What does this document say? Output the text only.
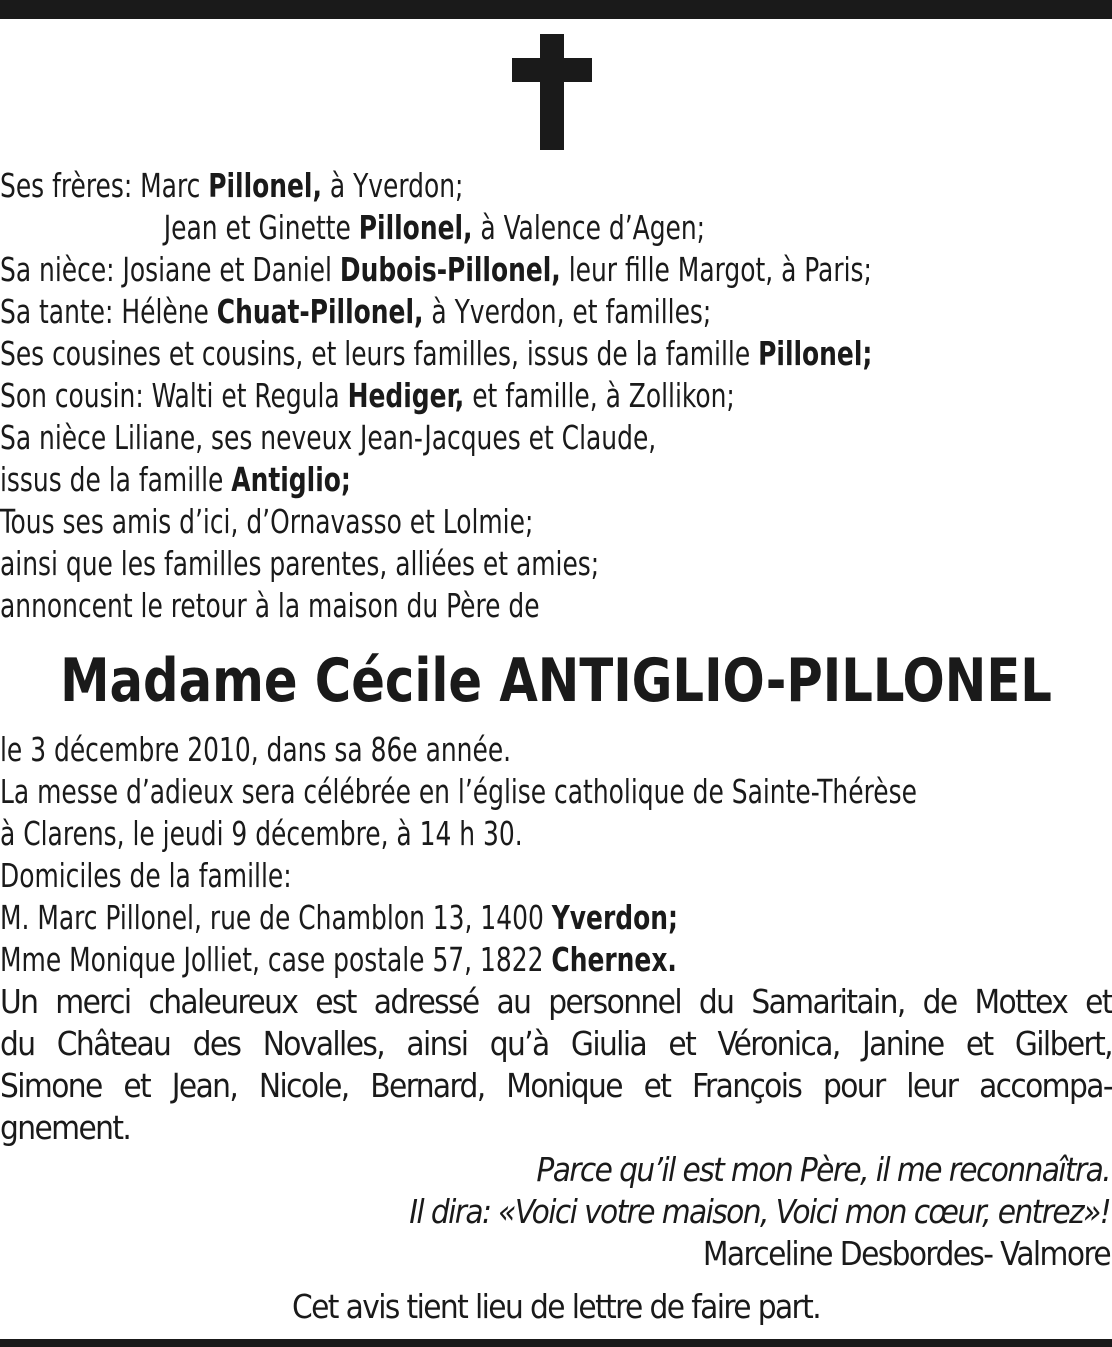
Ses frères: Marc Pillonel, à Yverdon;
Jean et Ginette Pillonel, à Valence d’Agen;
Sa nièce: Josiane et Daniel Dubois-Pillonel, leur fille Margot, à Paris;
Sa tante: Hélène Chuat-Pillonel, à Yverdon, et familles;
Ses cousines et cousins, et leurs familles, issus de la famille Pillonel;
Son cousin: Walti et Regula Hediger, et famille, à Zollikon;
Sa nièce Liliane, ses neveux Jean-Jacques et Claude,
issus de la famille Antiglio;
Tous ses amis d’ici, d’Ornavasso et Lolmie;
ainsi que les familles parentes, alliées et amies;
annoncent le retour à la maison du Père de
Madame Cécile ANTIGLIO-PILLONEL
le 3 décembre 2010, dans sa 86e année.
La messe d’adieux sera célébrée en l’église catholique de Sainte-Thérèse
à Clarens, le jeudi 9 décembre, à 14 h 30.
Domiciles de la famille:
M. Marc Pillonel, rue de Chamblon 13, 1400 Yverdon;
Mme Monique Jolliet, case postale 57, 1822 Chernex.
Un merci chaleureux est adressé au personnel du Samaritain, de Mottex et
du Château des Novalles, ainsi qu’à Giulia et Véronica, Janine et Gilbert,
Simone et Jean, Nicole, Bernard, Monique et François pour leur accompa-
gnement.
Parce qu’il est mon Père, il me reconnaîtra.
Il dira: «Voici votre maison, Voici mon cœur, entrez»!
Marceline Desbordes- Valmore
Cet avis tient lieu de lettre de faire part.
